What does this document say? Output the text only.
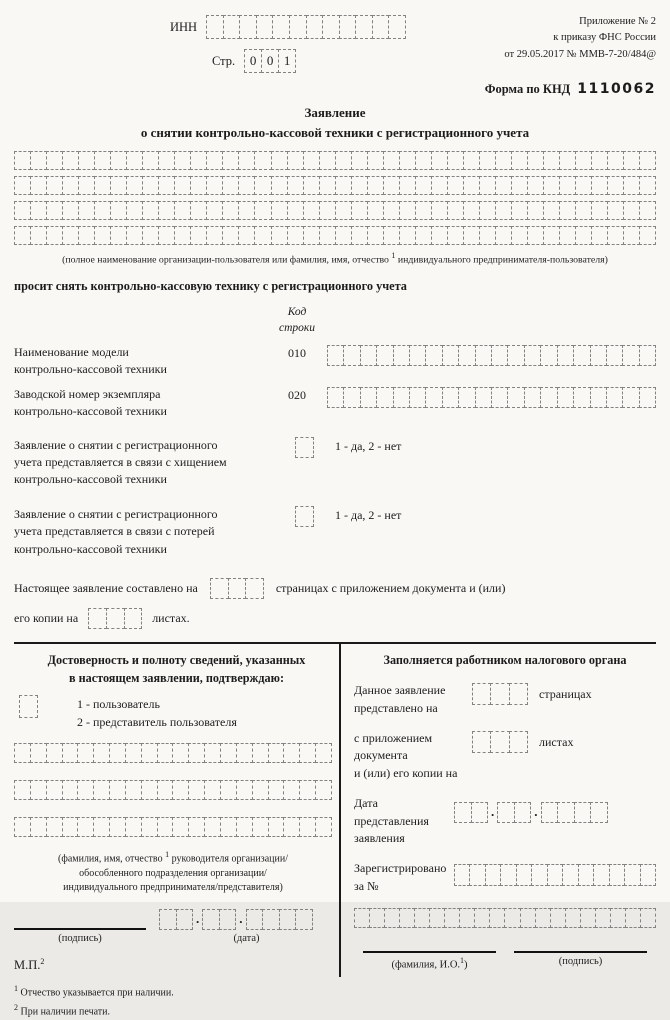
ИНН
Стр.	0 0 1
Приложение № 2
к приказу ФНС России
от 29.05.2017 № ММВ-7-20/484@
Форма по КНД 1110062
Заявление
о снятии контрольно-кассовой техники с регистрационного учета
(полное наименование организации-пользователя или фамилия, имя, отчество $^1$ индивидуального предпринимателя-пользователя)
просит снять контрольно-кассовую технику с регистрационного учета
Код
строки
Наименование модели
контрольно-кассовой техники
010
Заводской номер экземпляра
контрольно-кассовой техники
020
Заявление о снятии с регистрационного
учета представляется в связи с хищением
контрольно-кассовой техники
1 - да, 2 - нет
Заявление о снятии с регистрационного
учета представляется в связи с потерей
контрольно-кассовой техники
1 - да, 2 - нет
Настоящее заявление составлено на	страницах с приложением документа и (или)
его копии на	листах.
Достоверность и полноту сведений, указанных
в настоящем заявлении, подтверждаю:
1 - пользователь
2 - представитель пользователя
(фамилия, имя, отчество $^1$ руководителя организации/
обособленного подразделения организации/
индивидуального предпринимателя/представителя)
.	.
(подпись)	(дата)
М.П.$^2$
Заполняется работником налогового органа
Данное заявление
представлено на
страницах
с приложением документа
и (или) его копии на
листах
Дата
представления
заявления
.	.
Зарегистрировано
за №
(фамилия, И.О.$^1$)	(подпись)
$^1$ Отчество указывается при наличии.
$^2$ При наличии печати.
